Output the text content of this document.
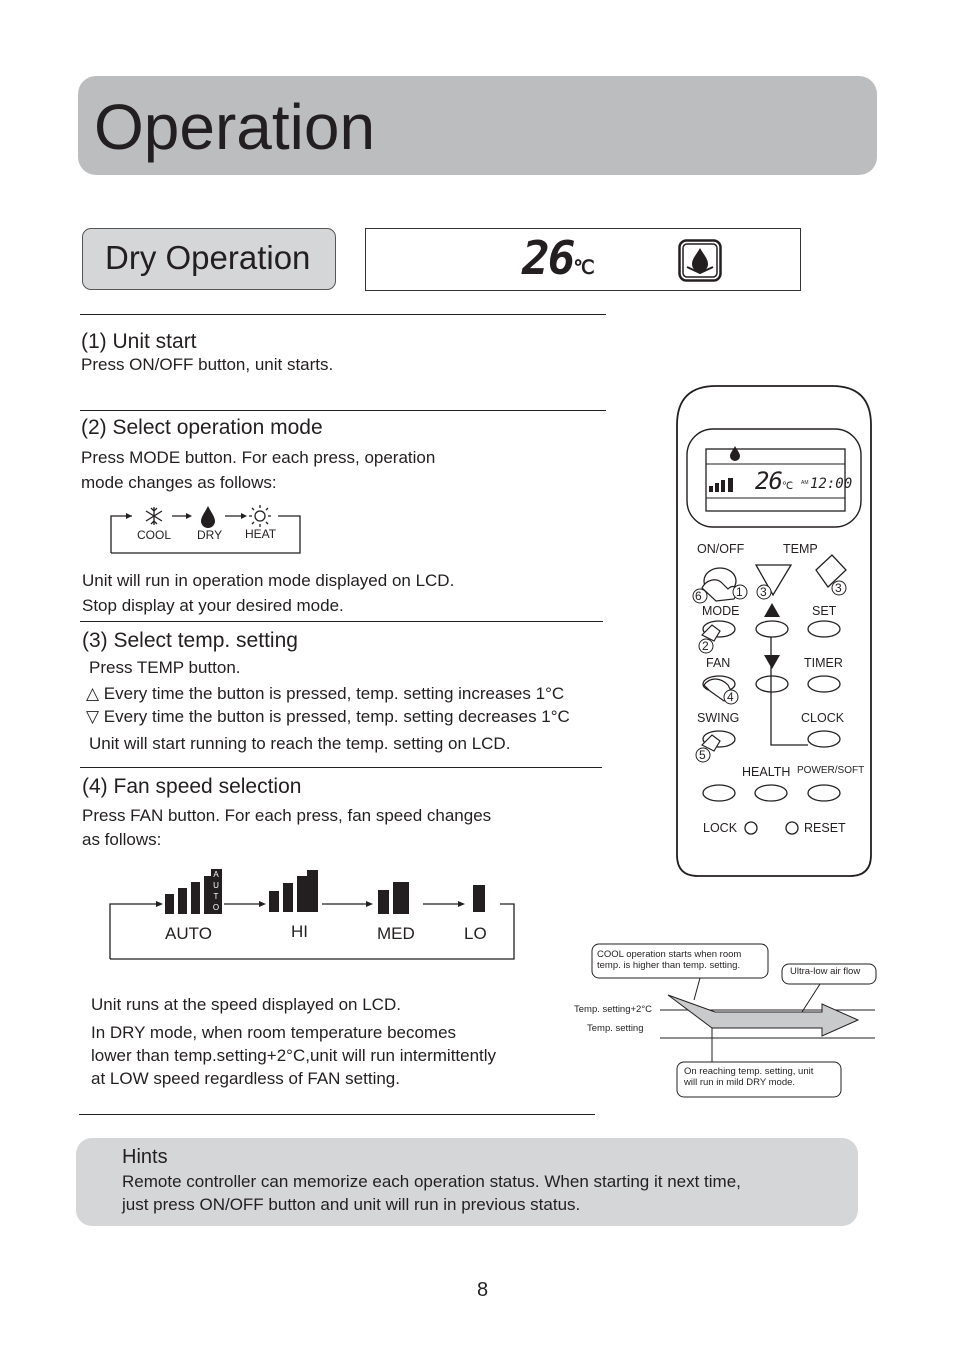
Operation
Dry Operation	26℃
(1) Unit start
Press ON/OFF button, unit starts.
(2) Select operation mode
Press MODE button. For each press, operation
mode changes as follows:
COOL DRY HEAT
Unit will run in operation mode displayed on LCD.
Stop display at your desired mode.
(3) Select temp. setting
Press TEMP button.
△ Every time the button is pressed, temp. setting increases 1°C
▽ Every time the button is pressed, temp. setting decreases 1°C
Unit will start running to reach the temp. setting on LCD.
(4) Fan speed selection
Press FAN button. For each press, fan speed changes
as follows:
A
U
T
O
AUTO	HI	MED	LO
Unit runs at the speed displayed on LCD.
In DRY mode, when room temperature becomes
lower than temp.setting+2°C,unit will run intermittently
at LOW speed regardless of FAN setting.
26℃ AM 12:00
ON/OFF	TEMP
MODE	SET
FAN	TIMER
SWING	CLOCK
HEALTH POWER/SOFT
LOCK	RESET
1
2
3	3
4
5
6
COOL operation starts when room
temp. is higher than temp. setting.
Ultra-low air flow
Temp. setting+2°C
Temp. setting
On reaching temp. setting, unit
will run in mild DRY mode.
Hints
Remote controller can memorize each operation status. When starting it next time,
just press ON/OFF button and unit will run in previous status.
8
